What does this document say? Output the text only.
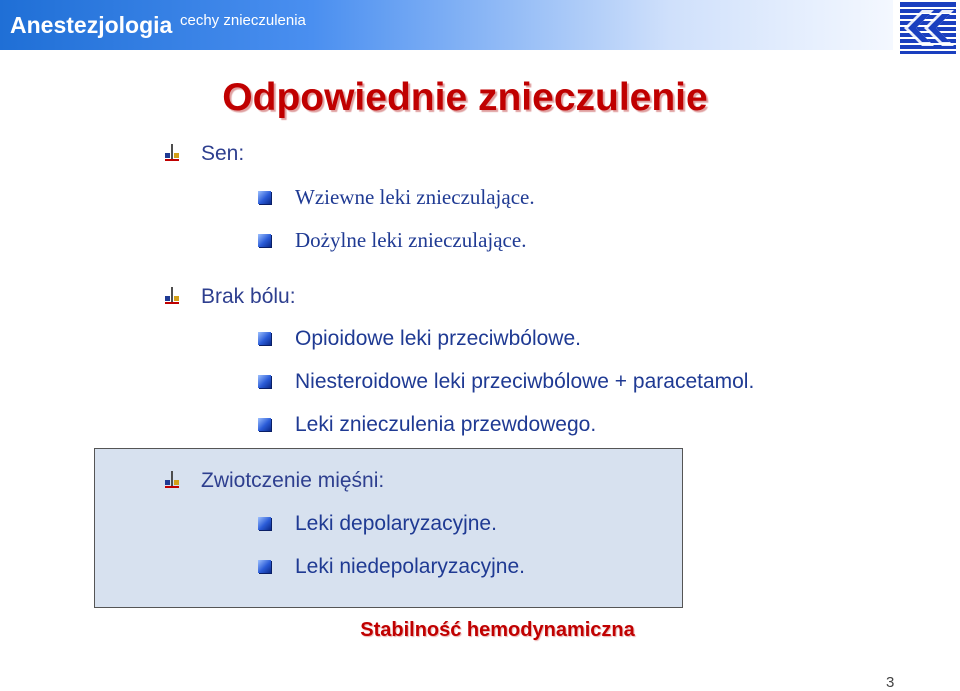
Anestezjologia cechy znieczulenia
Odpowiednie znieczulenie
Sen:
Wziewne leki znieczulające.
Dożylne leki znieczulające.
Brak bólu:
Opioidowe leki przeciwbólowe.
Niesteroidowe leki przeciwbólowe + paracetamol.
Leki znieczulenia przewdowego.
Zwiotczenie mięśni:
Leki depolaryzacyjne.
Leki niedepolaryzacyjne.
Stabilność hemodynamiczna
3
